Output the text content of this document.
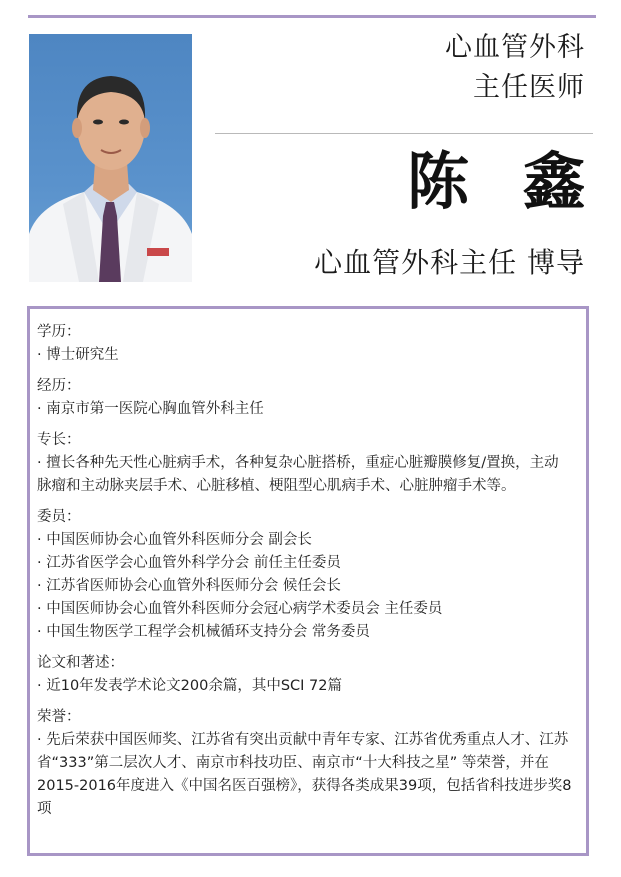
心血管外科
主任医师
陈 鑫
心血管外科主任 博导
学历：
· 博士研究生
经历：
· 南京市第一医院心胸血管外科主任
专长：
· 擅长各种先天性心脏病手术，各种复杂心脏搭桥，重症心脏瓣膜修复/置换，主动脉瘤和主动脉夹层手术、心脏移植、梗阻型心肌病手术、心脏肿瘤手术等。
委员：
· 中国医师协会心血管外科医师分会 副会长
· 江苏省医学会心血管外科学分会 前任主任委员
· 江苏省医师协会心血管外科医师分会 候任会长
· 中国医师协会心血管外科医师分会冠心病学术委员会 主任委员
· 中国生物医学工程学会机械循环支持分会 常务委员
论文和著述：
· 近10年发表学术论文200余篇，其中SCI 72篇
荣誉：
· 先后荣获中国医师奖、江苏省有突出贡献中青年专家、江苏省优秀重点人才、江苏省“333”第二层次人才、南京市科技功臣、南京市“十大科技之星” 等荣誉，并在2015-2016年度进入《中国名医百强榜》，获得各类成果39项，包括省科技进步奖8项
